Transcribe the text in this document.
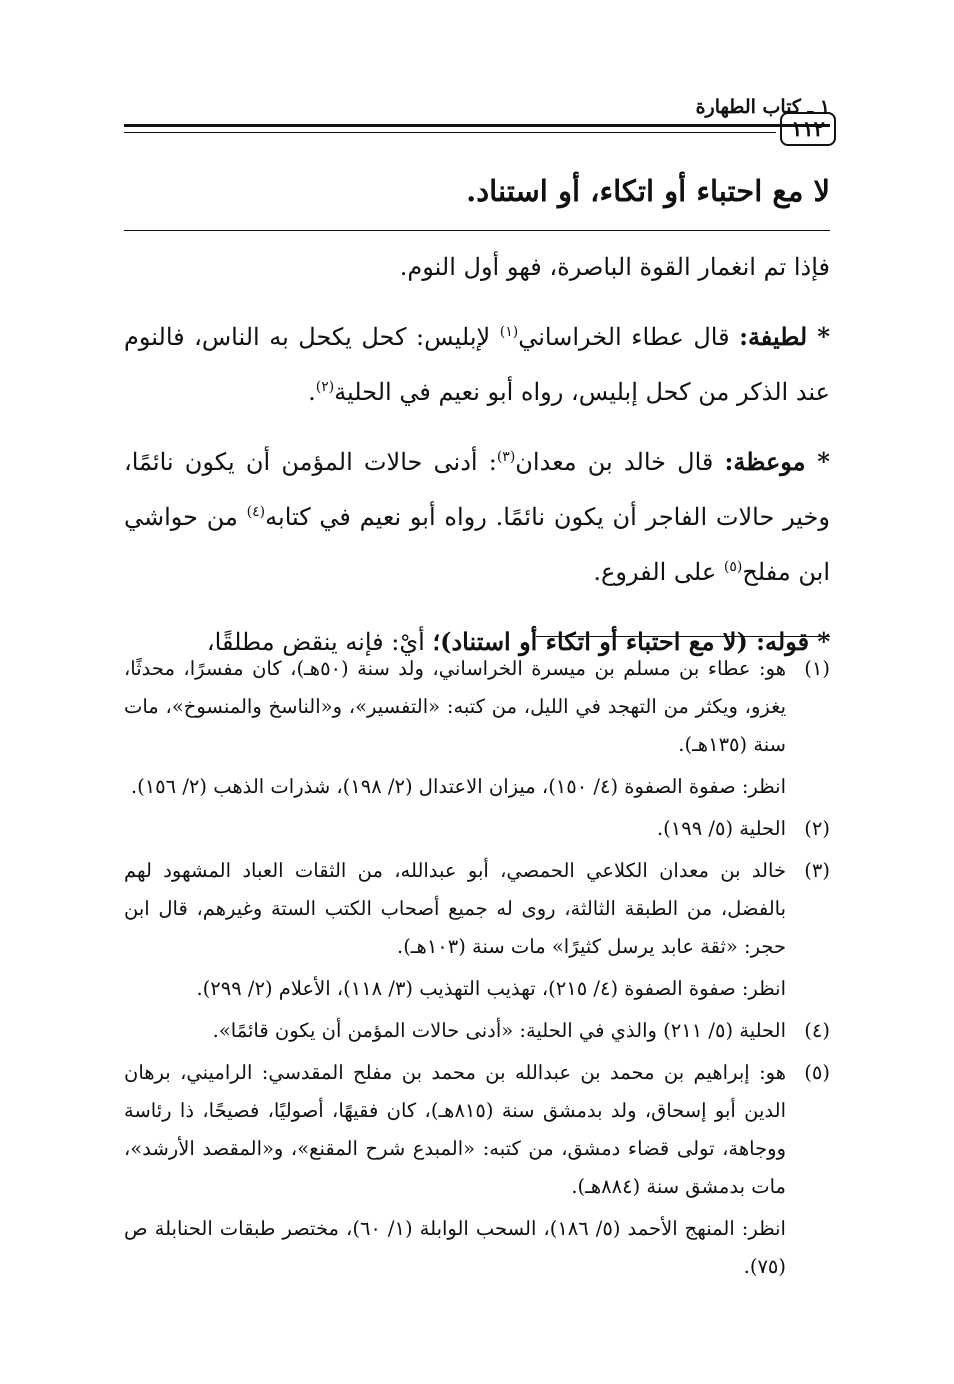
١ ـ كتاب الطهارة
١١٢
لا مع احتباء أو اتكاء، أو استناد.

فإذا تم انغمار القوة الباصرة، فهو أول النوم.

* لطيفة: قال عطاء الخراساني$^{(١)}$ لإبليس: كحل يكحل به الناس، فالنوم عند الذكر من كحل إبليس، رواه أبو نعيم في الحلية$^{(٢)}$.

* موعظة: قال خالد بن معدان$^{(٣)}$: أدنى حالات المؤمن أن يكون نائمًا، وخير حالات الفاجر أن يكون نائمًا. رواه أبو نعيم في كتابه$^{(٤)}$ من حواشي ابن مفلح$^{(٥)}$ على الفروع.

* قوله: (لا مع احتباء أو اتكاء أو استناد)؛ أيْ: فإنه ينقض مطلقًا،

(١)
هو: عطاء بن مسلم بن ميسرة الخراساني، ولد سنة (٥٠هـ)، كان مفسرًا، محدثًا، يغزو، ويكثر من التهجد في الليل، من كتبه: «التفسير»، و«الناسخ والمنسوخ»، مات سنة (١٣٥هـ).
انظر: صفوة الصفوة (٤/ ١٥٠)، ميزان الاعتدال (٢/ ١٩٨)، شذرات الذهب (٢/ ١٥٦).
(٢)
الحلية (٥/ ١٩٩).
(٣)
خالد بن معدان الكلاعي الحمصي، أبو عبدالله، من الثقات العباد المشهود لهم بالفضل، من الطبقة الثالثة، روى له جميع أصحاب الكتب الستة وغيرهم، قال ابن حجر: «ثقة عابد يرسل كثيرًا» مات سنة (١٠٣هـ).
انظر: صفوة الصفوة (٤/ ٢١٥)، تهذيب التهذيب (٣/ ١١٨)، الأعلام (٢/ ٢٩٩).
(٤)
الحلية (٥/ ٢١١) والذي في الحلية: «أدنى حالات المؤمن أن يكون قائمًا».
(٥)
هو: إبراهيم بن محمد بن عبدالله بن محمد بن مفلح المقدسي: الراميني، برهان الدين أبو إسحاق، ولد بدمشق سنة (٨١٥هـ)، كان فقيهًا، أصوليًا، فصيحًا، ذا رئاسة ووجاهة، تولى قضاء دمشق، من كتبه: «المبدع شرح المقنع»، و«المقصد الأرشد»، مات بدمشق سنة (٨٨٤هـ).
انظر: المنهج الأحمد (٥/ ١٨٦)، السحب الوابلة (١/ ٦٠)، مختصر طبقات الحنابلة ص (٧٥).
